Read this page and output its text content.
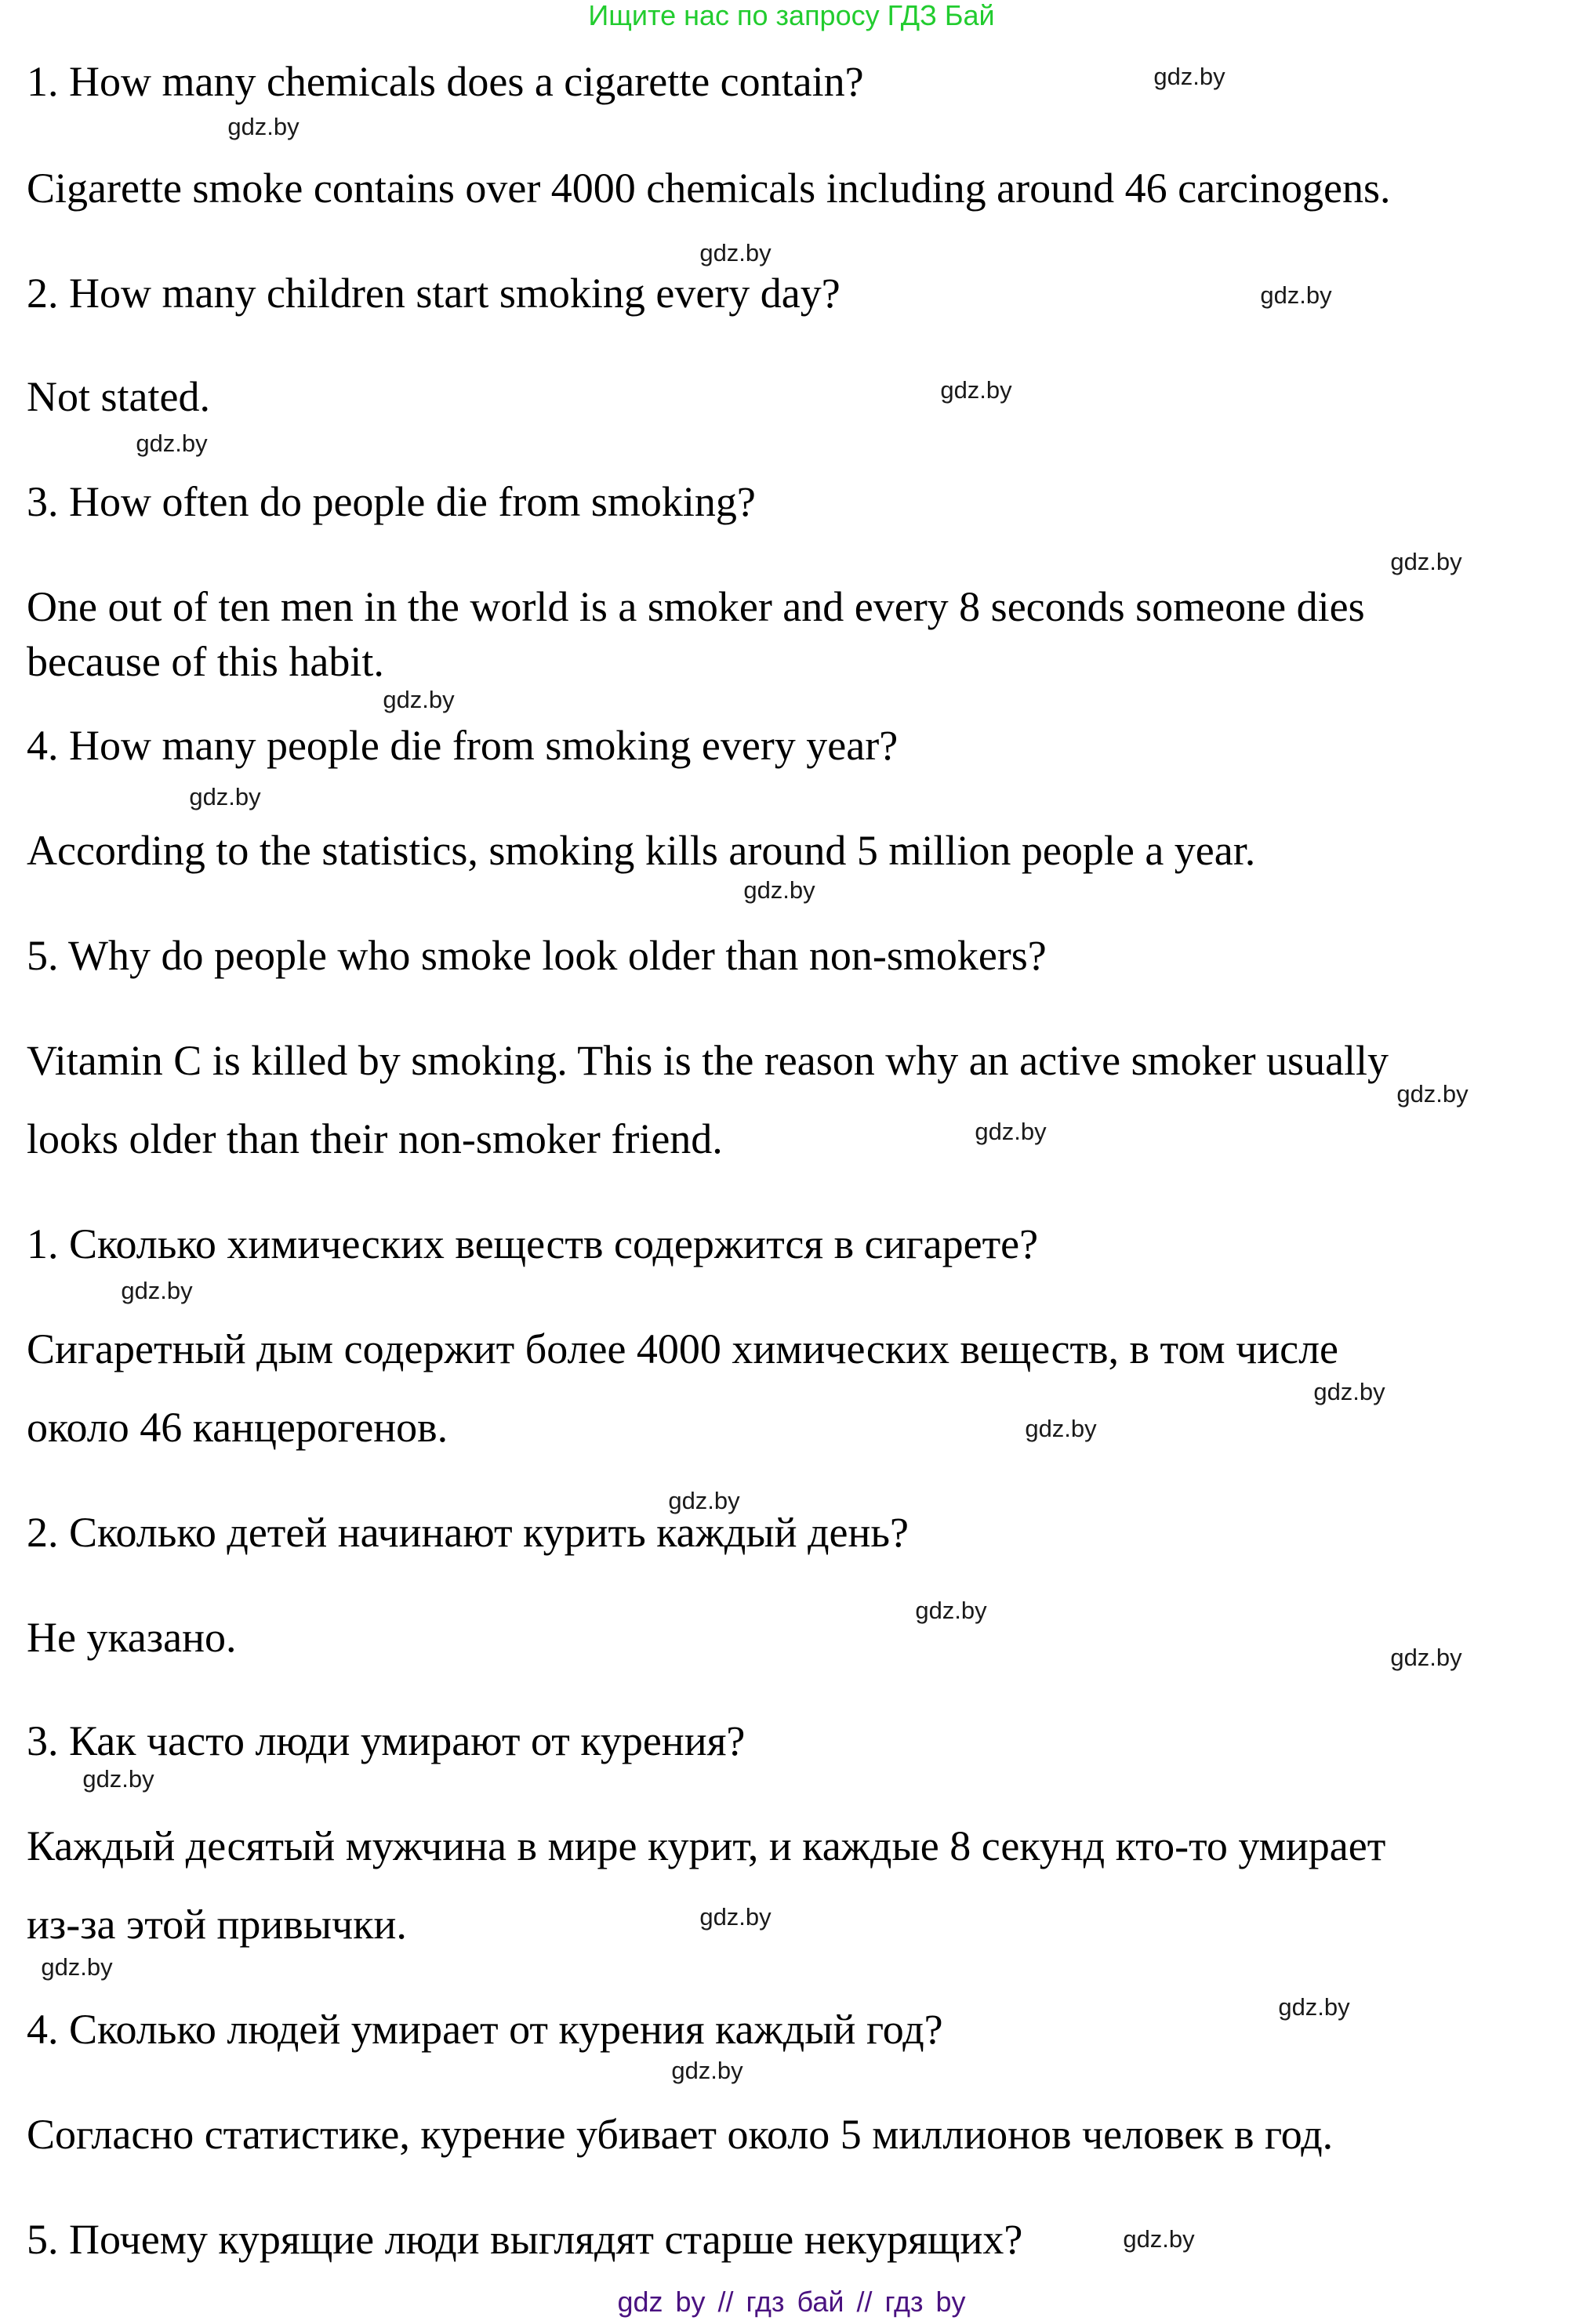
Ищите нас по запросу ГДЗ Бай
1. How many chemicals does a cigarette contain?
Cigarette smoke contains over 4000 chemicals including around 46 carcinogens.
2. How many children start smoking every day?
Not stated.
3. How often do people die from smoking?
One out of ten men in the world is a smoker and every 8 seconds someone dies
because of this habit.
4. How many people die from smoking every year?
According to the statistics, smoking kills around 5 million people a year.
5. Why do people who smoke look older than non-smokers?
Vitamin C is killed by smoking. This is the reason why an active smoker usually
looks older than their non-smoker friend.
1. Сколько химических веществ содержится в сигарете?
Сигаретный дым содержит более 4000 химических веществ, в том числе
около 46 канцерогенов.
2. Сколько детей начинают курить каждый день?
Не указано.
3. Как часто люди умирают от курения?
Каждый десятый мужчина в мире курит, и каждые 8 секунд кто-то умирает
из-за этой привычки.
4. Сколько людей умирает от курения каждый год?
Согласно статистике, курение убивает около 5 миллионов человек в год.
5. Почему курящие люди выглядят старше некурящих?
gdz.by
gdz.by
gdz.by
gdz.by
gdz.by
gdz.by
gdz.by
gdz.by
gdz.by
gdz.by
gdz.by
gdz.by
gdz.by
gdz.by
gdz.by
gdz.by
gdz.by
gdz.by
gdz.by
gdz.by
gdz.by
gdz.by
gdz.by
gdz.by
gdz by // гдз бай // гдз by
